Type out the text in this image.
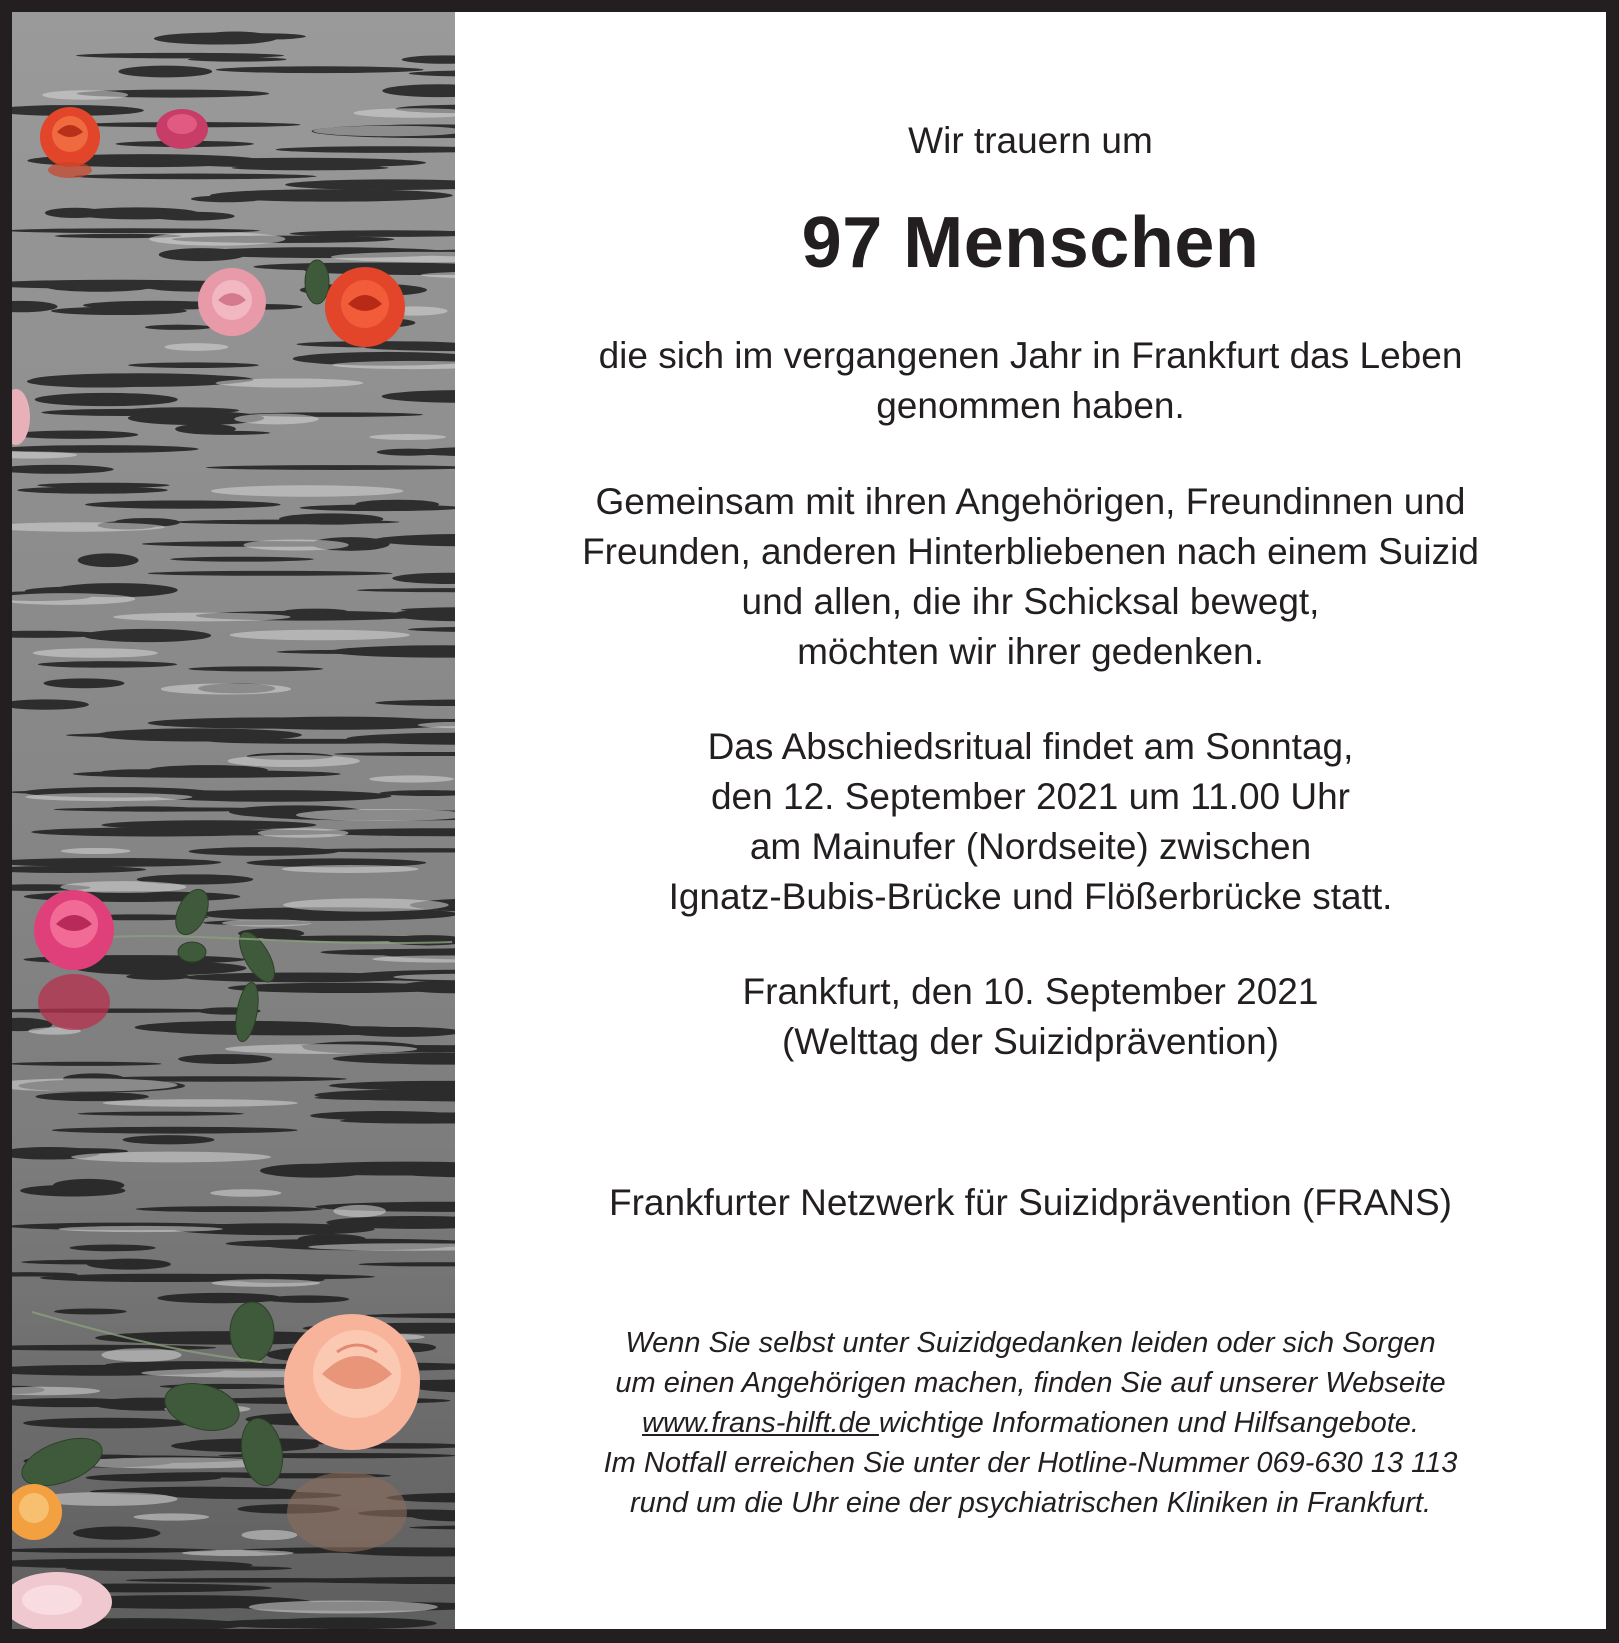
Wir trauern um
97 Menschen
die sich im vergangenen Jahr in Frankfurt das Leben
genommen haben.
Gemeinsam mit ihren Angehörigen, Freundinnen und
Freunden, anderen Hinterbliebenen nach einem Suizid
und allen, die ihr Schicksal bewegt,
möchten wir ihrer gedenken.
Das Abschiedsritual findet am Sonntag,
den 12. September 2021 um 11.00 Uhr
am Mainufer (Nordseite) zwischen
Ignatz-Bubis-Brücke und Flößerbrücke statt.
Frankfurt, den 10. September 2021
(Welttag der Suizidprävention)
Frankfurter Netzwerk für Suizidprävention (FRANS)
Wenn Sie selbst unter Suizidgedanken leiden oder sich Sorgen
um einen Angehörigen machen, finden Sie auf unserer Webseite
www.frans-hilft.de wichtige Informationen und Hilfsangebote.
Im Notfall erreichen Sie unter der Hotline-Nummer 069-630 13 113
rund um die Uhr eine der psychiatrischen Kliniken in Frankfurt.
